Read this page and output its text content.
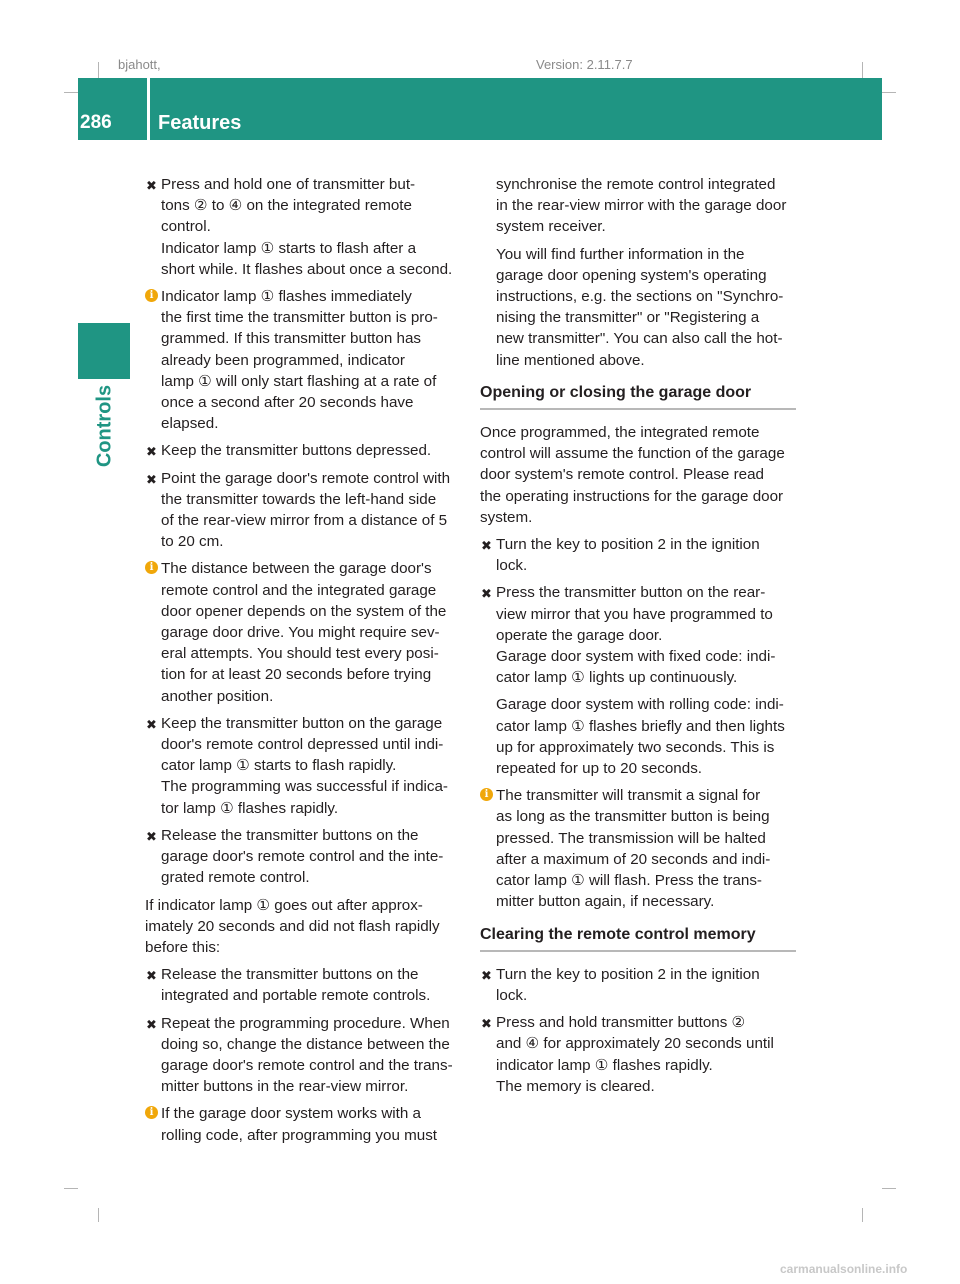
bjahott,	Version: 2.11.7.7
286 Features
Controls
✖ Press and hold one of transmitter but-
tons ② to ④ on the integrated remote
control.
Indicator lamp ① starts to flash after a
short while. It flashes about once a second.
i Indicator lamp ① flashes immediately
the first time the transmitter button is pro-
grammed. If this transmitter button has
already been programmed, indicator
lamp ① will only start flashing at a rate of
once a second after 20 seconds have
elapsed.
✖ Keep the transmitter buttons depressed.
✖ Point the garage door's remote control with
the transmitter towards the left-hand side
of the rear-view mirror from a distance of 5
to 20 cm.
i The distance between the garage door's
remote control and the integrated garage
door opener depends on the system of the
garage door drive. You might require sev-
eral attempts. You should test every posi-
tion for at least 20 seconds before trying
another position.
✖ Keep the transmitter button on the garage
door's remote control depressed until indi-
cator lamp ① starts to flash rapidly.
The programming was successful if indica-
tor lamp ① flashes rapidly.
✖ Release the transmitter buttons on the
garage door's remote control and the inte-
grated remote control.
If indicator lamp ① goes out after approx-
imately 20 seconds and did not flash rapidly
before this:
✖ Release the transmitter buttons on the
integrated and portable remote controls.
✖ Repeat the programming procedure. When
doing so, change the distance between the
garage door's remote control and the trans-
mitter buttons in the rear-view mirror.
i If the garage door system works with a
rolling code, after programming you must
synchronise the remote control integrated
in the rear-view mirror with the garage door
system receiver.
You will find further information in the
garage door opening system's operating
instructions, e.g. the sections on "Synchro-
nising the transmitter" or "Registering a
new transmitter". You can also call the hot-
line mentioned above.
Opening or closing the garage door
Once programmed, the integrated remote
control will assume the function of the garage
door system's remote control. Please read
the operating instructions for the garage door
system.
✖ Turn the key to position 2 in the ignition
lock.
✖ Press the transmitter button on the rear-
view mirror that you have programmed to
operate the garage door.
Garage door system with fixed code: indi-
cator lamp ① lights up continuously.
Garage door system with rolling code: indi-
cator lamp ① flashes briefly and then lights
up for approximately two seconds. This is
repeated for up to 20 seconds.
i The transmitter will transmit a signal for
as long as the transmitter button is being
pressed. The transmission will be halted
after a maximum of 20 seconds and indi-
cator lamp ① will flash. Press the trans-
mitter button again, if necessary.
Clearing the remote control memory
✖ Turn the key to position 2 in the ignition
lock.
✖ Press and hold transmitter buttons ②
and ④ for approximately 20 seconds until
indicator lamp ① flashes rapidly.
The memory is cleared.
carmanualsonline.info
